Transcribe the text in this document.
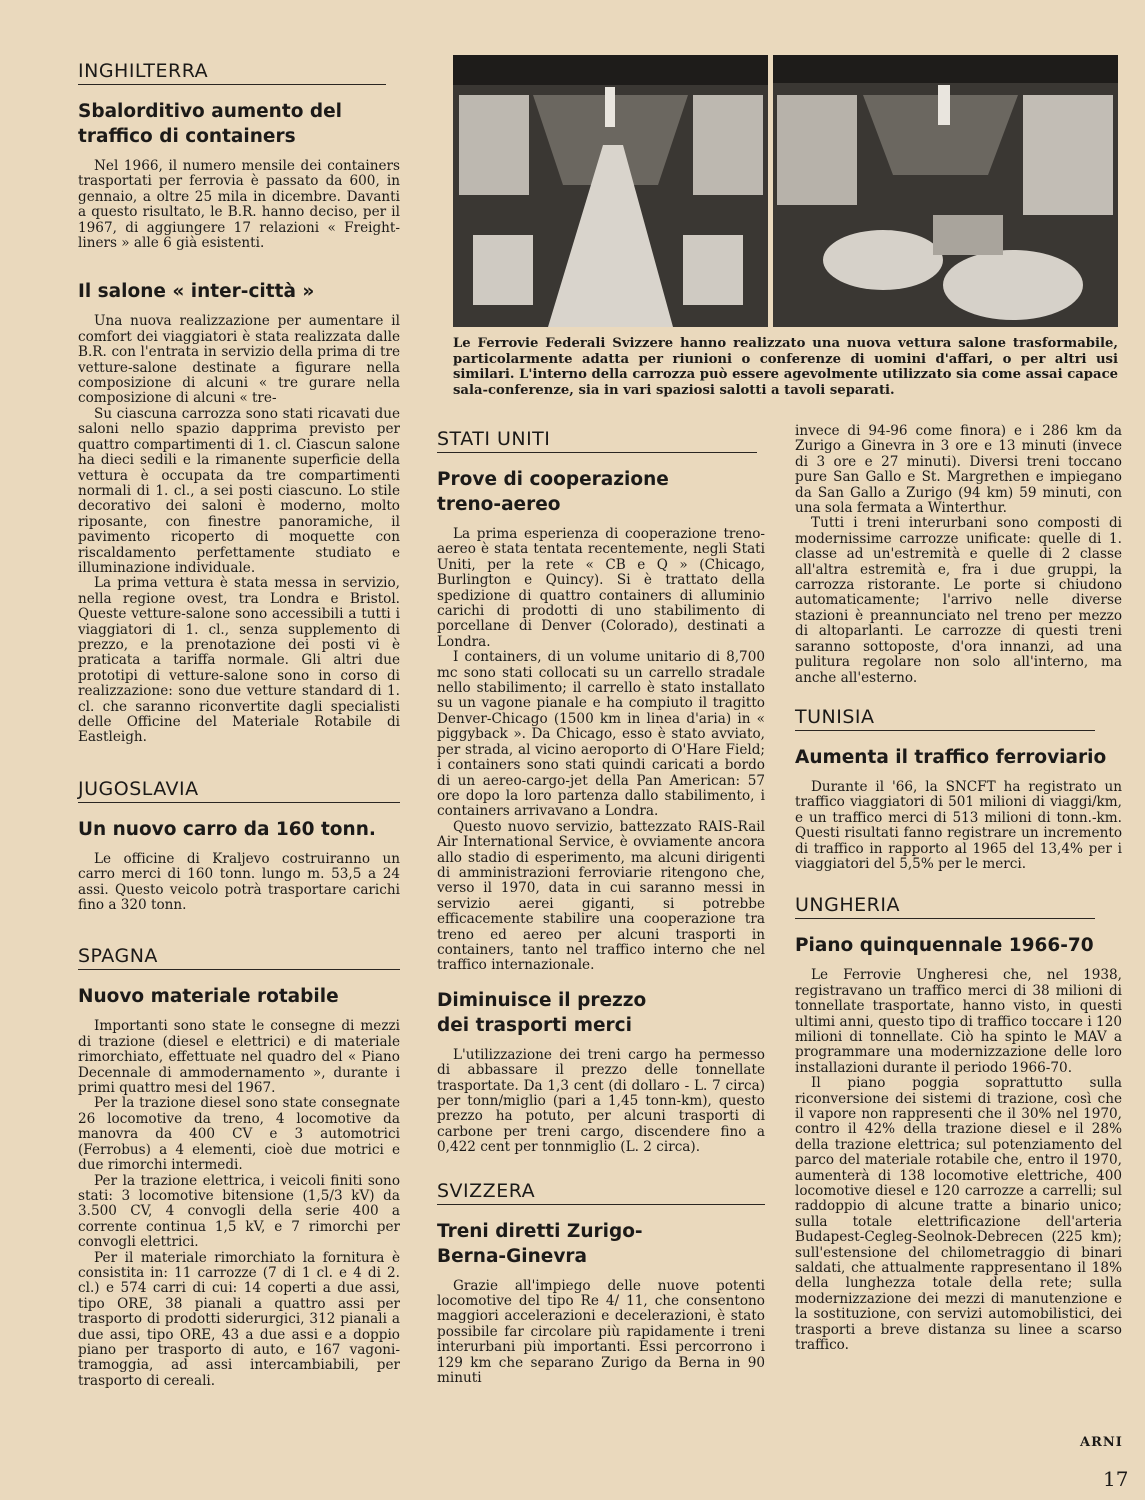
INGHILTERRA
Sbalorditivo aumento del traffico di containers

Nel 1966, il numero mensile dei containers trasportati per ferrovia è passato da 600, in gennaio, a oltre 25 mila in dicembre. Davanti a questo risultato, le B.R. hanno deciso, per il 1967, di aggiungere 17 relazioni « Freight-liners » alle 6 già esistenti.

Il salone « inter-città »

Una nuova realizzazione per aumentare il comfort dei viaggiatori è stata realizzata dalle B.R. con l'entrata in servizio della prima di tre vetture-salone destinate a figurare nella composizione di alcuni « tre gurare nella composizione di alcuni « tre-

Su ciascuna carrozza sono stati ricavati due saloni nello spazio dapprima previsto per quattro compartimenti di 1. cl. Ciascun salone ha dieci sedili e la rimanente superficie della vettura è occupata da tre compartimenti normali di 1. cl., a sei posti ciascuno. Lo stile decorativo dei saloni è moderno, molto riposante, con finestre panoramiche, il pavimento ricoperto di moquette con riscaldamento perfettamente studiato e illuminazione individuale.

La prima vettura è stata messa in servizio, nella regione ovest, tra Londra e Bristol. Queste vetture-salone sono accessibili a tutti i viaggiatori di 1. cl., senza supplemento di prezzo, e la prenotazione dei posti vi è praticata a tariffa normale. Gli altri due prototipi di vetture-salone sono in corso di realizzazione: sono due vetture standard di 1. cl. che saranno riconvertite dagli specialisti delle Officine del Materiale Rotabile di Eastleigh.

JUGOSLAVIA
Un nuovo carro da 160 tonn.

Le officine di Kraljevo costruiranno un carro merci di 160 tonn. lungo m. 53,5 a 24 assi. Questo veicolo potrà trasportare carichi fino a 320 tonn.

SPAGNA
Nuovo materiale rotabile

Importanti sono state le consegne di mezzi di trazione (diesel e elettrici) e di materiale rimorchiato, effettuate nel quadro del « Piano Decennale di ammodernamento », durante i primi quattro mesi del 1967.

Per la trazione diesel sono state consegnate 26 locomotive da treno, 4 locomotive da manovra da 400 CV e 3 automotrici (Ferrobus) a 4 elementi, cioè due motrici e due rimorchi intermedi.

Per la trazione elettrica, i veicoli finiti sono stati: 3 locomotive bitensione (1,5/3 kV) da 3.500 CV, 4 convogli della serie 400 a corrente continua 1,5 kV, e 7 rimorchi per convogli elettrici.

Per il materiale rimorchiato la fornitura è consistita in: 11 carrozze (7 di 1 cl. e 4 di 2. cl.) e 574 carri di cui: 14 coperti a due assi, tipo ORE, 38 pianali a quattro assi per trasporto di prodotti siderurgici, 312 pianali a due assi, tipo ORE, 43 a due assi e a doppio piano per trasporto di auto, e 167 vagoni-tramoggia, ad assi intercambiabili, per trasporto di cereali.

Le Ferrovie Federali Svizzere hanno realizzato una nuova vettura salone trasformabile, particolarmente adatta per riunioni o conferenze di uomini d'affari, o per altri usi similari. L'interno della carrozza può essere agevolmente utilizzato sia come assai capace sala-conferenze, sia in vari spaziosi salotti a tavoli separati.
STATI UNITI
Prove di cooperazione treno-aereo

La prima esperienza di cooperazione treno-aereo è stata tentata recentemente, negli Stati Uniti, per la rete « CB e Q » (Chicago, Burlington e Quincy). Si è trattato della spedizione di quattro containers di alluminio carichi di prodotti di uno stabilimento di porcellane di Denver (Colorado), destinati a Londra.

I containers, di un volume unitario di 8,700 mc sono stati collocati su un carrello stradale nello stabilimento; il carrello è stato installato su un vagone pianale e ha compiuto il tragitto Denver-Chicago (1500 km in linea d'aria) in « piggyback ». Da Chicago, esso è stato avviato, per strada, al vicino aeroporto di O'Hare Field; i containers sono stati quindi caricati a bordo di un aereo-cargo-jet della Pan American: 57 ore dopo la loro partenza dallo stabilimento, i containers arrivavano a Londra.

Questo nuovo servizio, battezzato RAIS-Rail Air International Service, è ovviamente ancora allo stadio di esperimento, ma alcuni dirigenti di amministrazioni ferroviarie ritengono che, verso il 1970, data in cui saranno messi in servizio aerei giganti, si potrebbe efficacemente stabilire una cooperazione tra treno ed aereo per alcuni trasporti in containers, tanto nel traffico interno che nel traffico internazionale.

Diminuisce il prezzo dei trasporti merci

L'utilizzazione dei treni cargo ha permesso di abbassare il prezzo delle tonnellate trasportate. Da 1,3 cent (di dollaro - L. 7 circa) per tonn/miglio (pari a 1,45 tonn-km), questo prezzo ha potuto, per alcuni trasporti di carbone per treni cargo, discendere fino a 0,422 cent per tonnmiglio (L. 2 circa).

SVIZZERA
Treni diretti Zurigo-Berna-Ginevra

Grazie all'impiego delle nuove potenti locomotive del tipo Re 4/ 11, che consentono maggiori accelerazioni e decelerazioni, è stato possibile far circolare più rapidamente i treni interurbani più importanti. Essi percorrono i 129 km che separano Zurigo da Berna in 90 minuti

invece di 94-96 come finora) e i 286 km da Zurigo a Ginevra in 3 ore e 13 minuti (invece di 3 ore e 27 minuti). Diversi treni toccano pure San Gallo e St. Margrethen e impiegano da San Gallo a Zurigo (94 km) 59 minuti, con una sola fermata a Winterthur.

Tutti i treni interurbani sono composti di modernissime carrozze unificate: quelle di 1. classe ad un'estremità e quelle di 2 classe all'altra estremità e, fra i due gruppi, la carrozza ristorante. Le porte si chiudono automaticamente; l'arrivo nelle diverse stazioni è preannunciato nel treno per mezzo di altoparlanti. Le carrozze di questi treni saranno sottoposte, d'ora innanzi, ad una pulitura regolare non solo all'interno, ma anche all'esterno.

TUNISIA
Aumenta il traffico ferroviario

Durante il '66, la SNCFT ha registrato un traffico viaggiatori di 501 milioni di viaggi/km, e un traffico merci di 513 milioni di tonn.-km. Questi risultati fanno registrare un incremento di traffico in rapporto al 1965 del 13,4% per i viaggiatori del 5,5% per le merci.

UNGHERIA
Piano quinquennale 1966-70

Le Ferrovie Ungheresi che, nel 1938, registravano un traffico merci di 38 milioni di tonnellate trasportate, hanno visto, in questi ultimi anni, questo tipo di traffico toccare i 120 milioni di tonnellate. Ciò ha spinto le MAV a programmare una modernizzazione delle loro installazioni durante il periodo 1966-70.

Il piano poggia soprattutto sulla riconversione dei sistemi di trazione, così che il vapore non rappresenti che il 30% nel 1970, contro il 42% della trazione diesel e il 28% della trazione elettrica; sul potenziamento del parco del materiale rotabile che, entro il 1970, aumenterà di 138 locomotive elettriche, 400 locomotive diesel e 120 carrozze a carrelli; sul raddoppio di alcune tratte a binario unico; sulla totale elettrificazione dell'arteria Budapest-Cegleg-Seolnok-Debrecen (225 km); sull'estensione del chilometraggio di binari saldati, che attualmente rappresentano il 18% della lunghezza totale della rete; sulla modernizzazione dei mezzi di manutenzione e la sostituzione, con servizi automobilistici, dei trasporti a breve distanza su linee a scarso traffico.

ARNI
17
